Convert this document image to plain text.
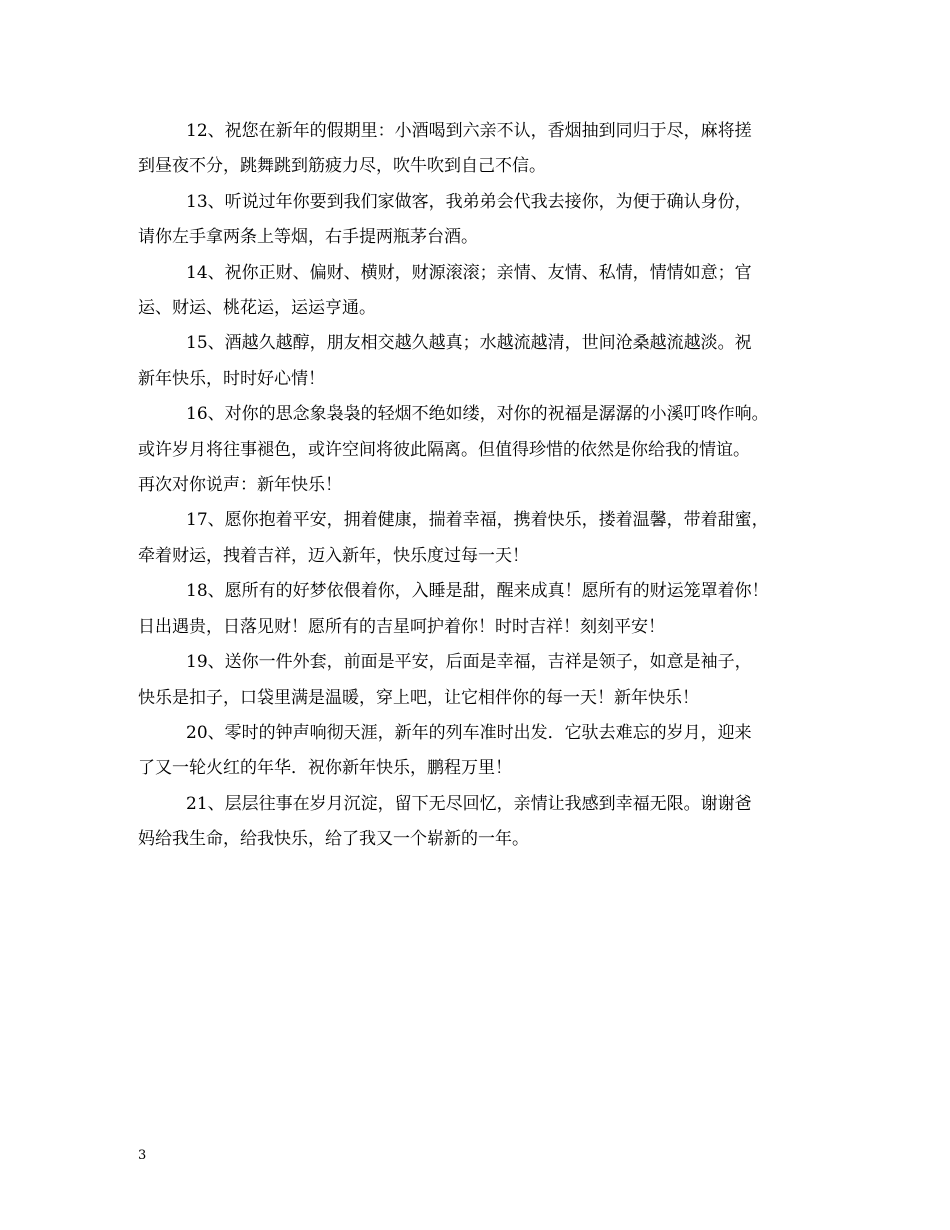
12、祝您在新年的假期里：小酒喝到六亲不认，香烟抽到同归于尽，麻将搓

到昼夜不分，跳舞跳到筋疲力尽，吹牛吹到自己不信。

13、听说过年你要到我们家做客，我弟弟会代我去接你，为便于确认身份，

请你左手拿两条上等烟，右手提两瓶茅台酒。

14、祝你正财、偏财、横财，财源滚滚；亲情、友情、私情，情情如意；官

运、财运、桃花运，运运亨通。

15、酒越久越醇，朋友相交越久越真；水越流越清，世间沧桑越流越淡。祝

新年快乐，时时好心情！

16、对你的思念象袅袅的轻烟不绝如缕，对你的祝福是潺潺的小溪叮咚作响。

或许岁月将往事褪色，或许空间将彼此隔离。但值得珍惜的依然是你给我的情谊。

再次对你说声：新年快乐！

17、愿你抱着平安，拥着健康，揣着幸福，携着快乐，搂着温馨，带着甜蜜，

牵着财运，拽着吉祥，迈入新年，快乐度过每一天！

18、愿所有的好梦依偎着你，入睡是甜，醒来成真！愿所有的财运笼罩着你！

日出遇贵，日落见财！愿所有的吉星呵护着你！时时吉祥！刻刻平安！

19、送你一件外套，前面是平安，后面是幸福，吉祥是领子，如意是袖子，

快乐是扣子，口袋里满是温暖，穿上吧，让它相伴你的每一天！新年快乐！

20、零时的钟声响彻天涯，新年的列车准时出发．它驮去难忘的岁月，迎来

了又一轮火红的年华．祝你新年快乐，鹏程万里！

21、层层往事在岁月沉淀，留下无尽回忆，亲情让我感到幸福无限。谢谢爸

妈给我生命，给我快乐，给了我又一个崭新的一年。

3
